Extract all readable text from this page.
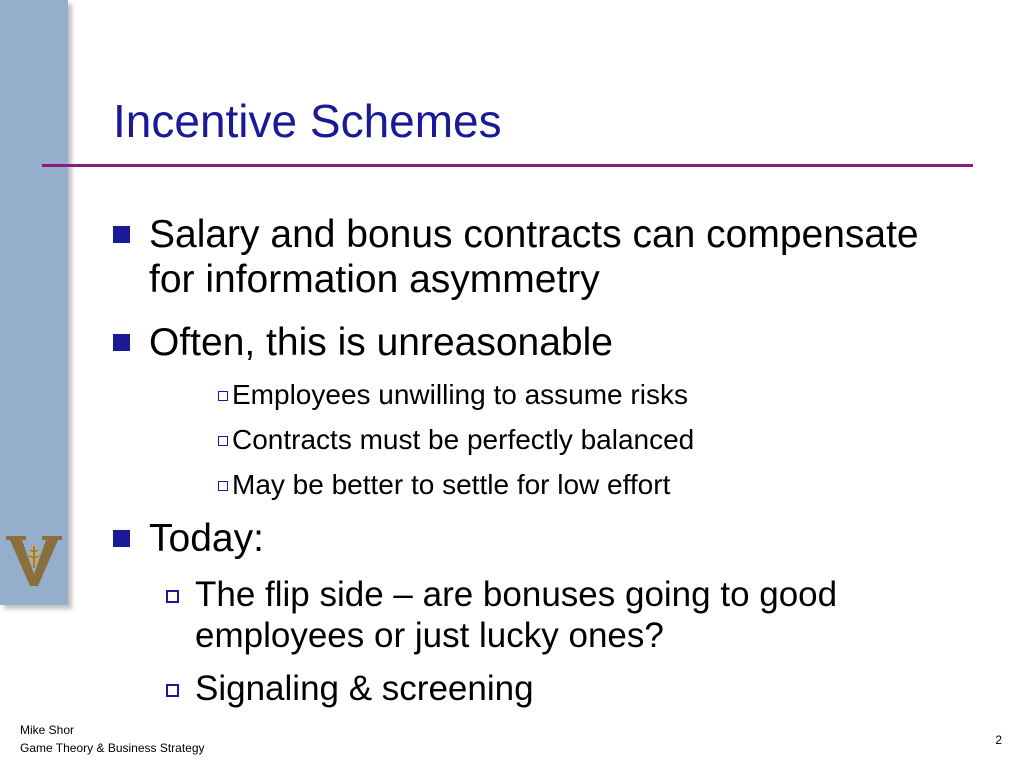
Incentive Schemes
Salary and bonus contracts can compensate for information asymmetry
Often, this is unreasonable
Employees unwilling to assume risks
Contracts must be perfectly balanced
May be better to settle for low effort
Today:
The flip side – are bonuses going to good employees or just lucky ones?
Signaling & screening
Mike Shor
Game Theory & Business Strategy
2
